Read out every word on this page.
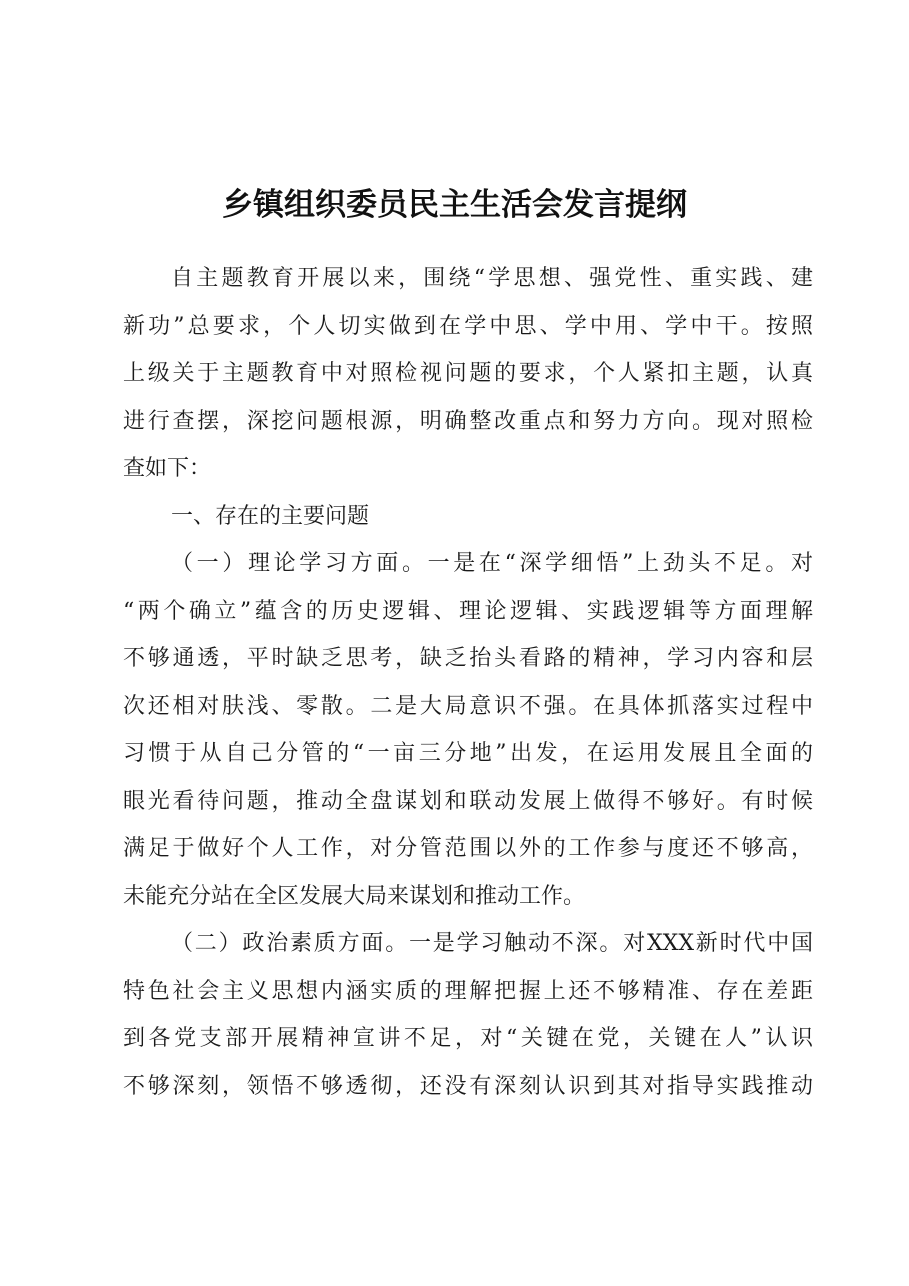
乡镇组织委员民主生活会发言提纲
自主题教育开展以来，围绕“学思想、强党性、重实践、建
新功”总要求，个人切实做到在学中思、学中用、学中干。按照
上级关于主题教育中对照检视问题的要求，个人紧扣主题，认真
进行查摆，深挖问题根源，明确整改重点和努力方向。现对照检
查如下：
一、存在的主要问题
（一）理论学习方面。一是在“深学细悟”上劲头不足。对
“两个确立”蕴含的历史逻辑、理论逻辑、实践逻辑等方面理解
不够通透，平时缺乏思考，缺乏抬头看路的精神，学习内容和层
次还相对肤浅、零散。二是大局意识不强。在具体抓落实过程中
习惯于从自己分管的“一亩三分地”出发，在运用发展且全面的
眼光看待问题，推动全盘谋划和联动发展上做得不够好。有时候
满足于做好个人工作，对分管范围以外的工作参与度还不够高，
未能充分站在全区发展大局来谋划和推动工作。
（二）政治素质方面。一是学习触动不深。对XXX新时代中国
特色社会主义思想内涵实质的理解把握上还不够精准、存在差距
到各党支部开展精神宣讲不足，对“关键在党，关键在人”认识
不够深刻，领悟不够透彻，还没有深刻认识到其对指导实践推动
